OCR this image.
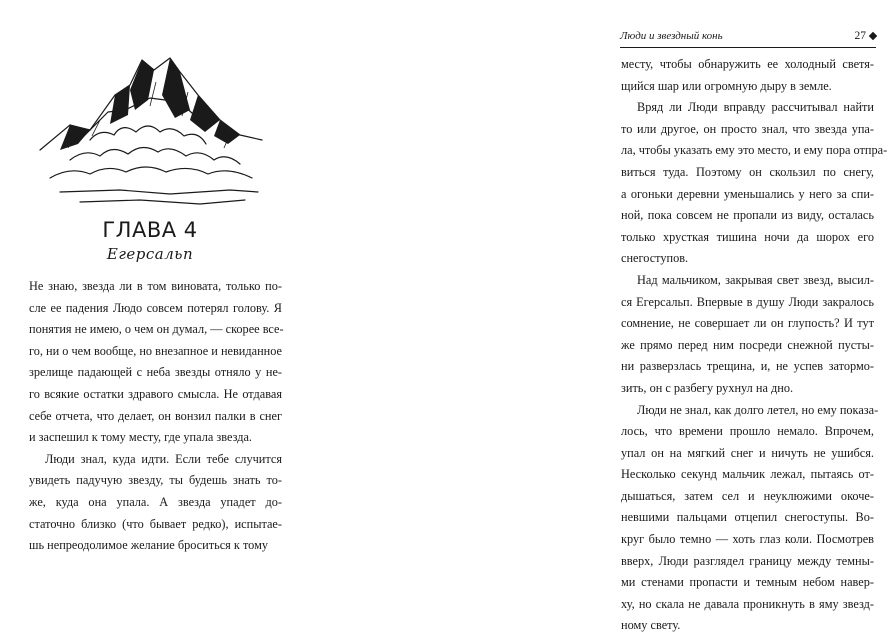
ГЛАВА 4
Егерсальп
Не знаю, звезда ли в том виновата, только по-
сле ее падения Людо совсем потерял голову. Я
понятия не имею, о чем он думал, — скорее все-
го, ни о чем вообще, но внезапное и невиданное
зрелище падающей с неба звезды отняло у не-
го всякие остатки здравого смысла. Не отдавая
себе отчета, что делает, он вонзил палки в снег
и заспешил к тому месту, где упала звезда.
Люди знал, куда идти. Если тебе случится
увидеть падучую звезду, ты будешь знать то-
же, куда она упала. А звезда упадет до-
статочно близко (что бывает редко), испытае-
шь непреодолимое желание броситься к тому
Люди и звездный конь	27
месту, чтобы обнаружить ее холодный светя-
щийся шар или огромную дыру в земле.
Вряд ли Люди вправду рассчитывал найти
то или другое, он просто знал, что звезда упа-
ла, чтобы указать ему это место, и ему пора отпра-
виться туда. Поэтому он скользил по снегу,
а огоньки деревни уменьшались у него за спи-
ной, пока совсем не пропали из виду, осталась
только хрусткая тишина ночи да шорох его
снегоступов.
Над мальчиком, закрывая свет звезд, высил-
ся Егерсальп. Впервые в душу Люди закралось
сомнение, не совершает ли он глупость? И тут
же прямо перед ним посреди снежной пусты-
ни разверзлась трещина, и, не успев затормо-
зить, он с разбегу рухнул на дно.
Люди не знал, как долго летел, но ему показа-
лось, что времени прошло немало. Впрочем,
упал он на мягкий снег и ничуть не ушибся.
Несколько секунд мальчик лежал, пытаясь от-
дышаться, затем сел и неуклюжими окоче-
невшими пальцами отцепил снегоступы. Во-
круг было темно — хоть глаз коли. Посмотрев
вверх, Люди разглядел границу между темны-
ми стенами пропасти и темным небом навер-
ху, но скала не давала проникнуть в яму звезд-
ному свету.
